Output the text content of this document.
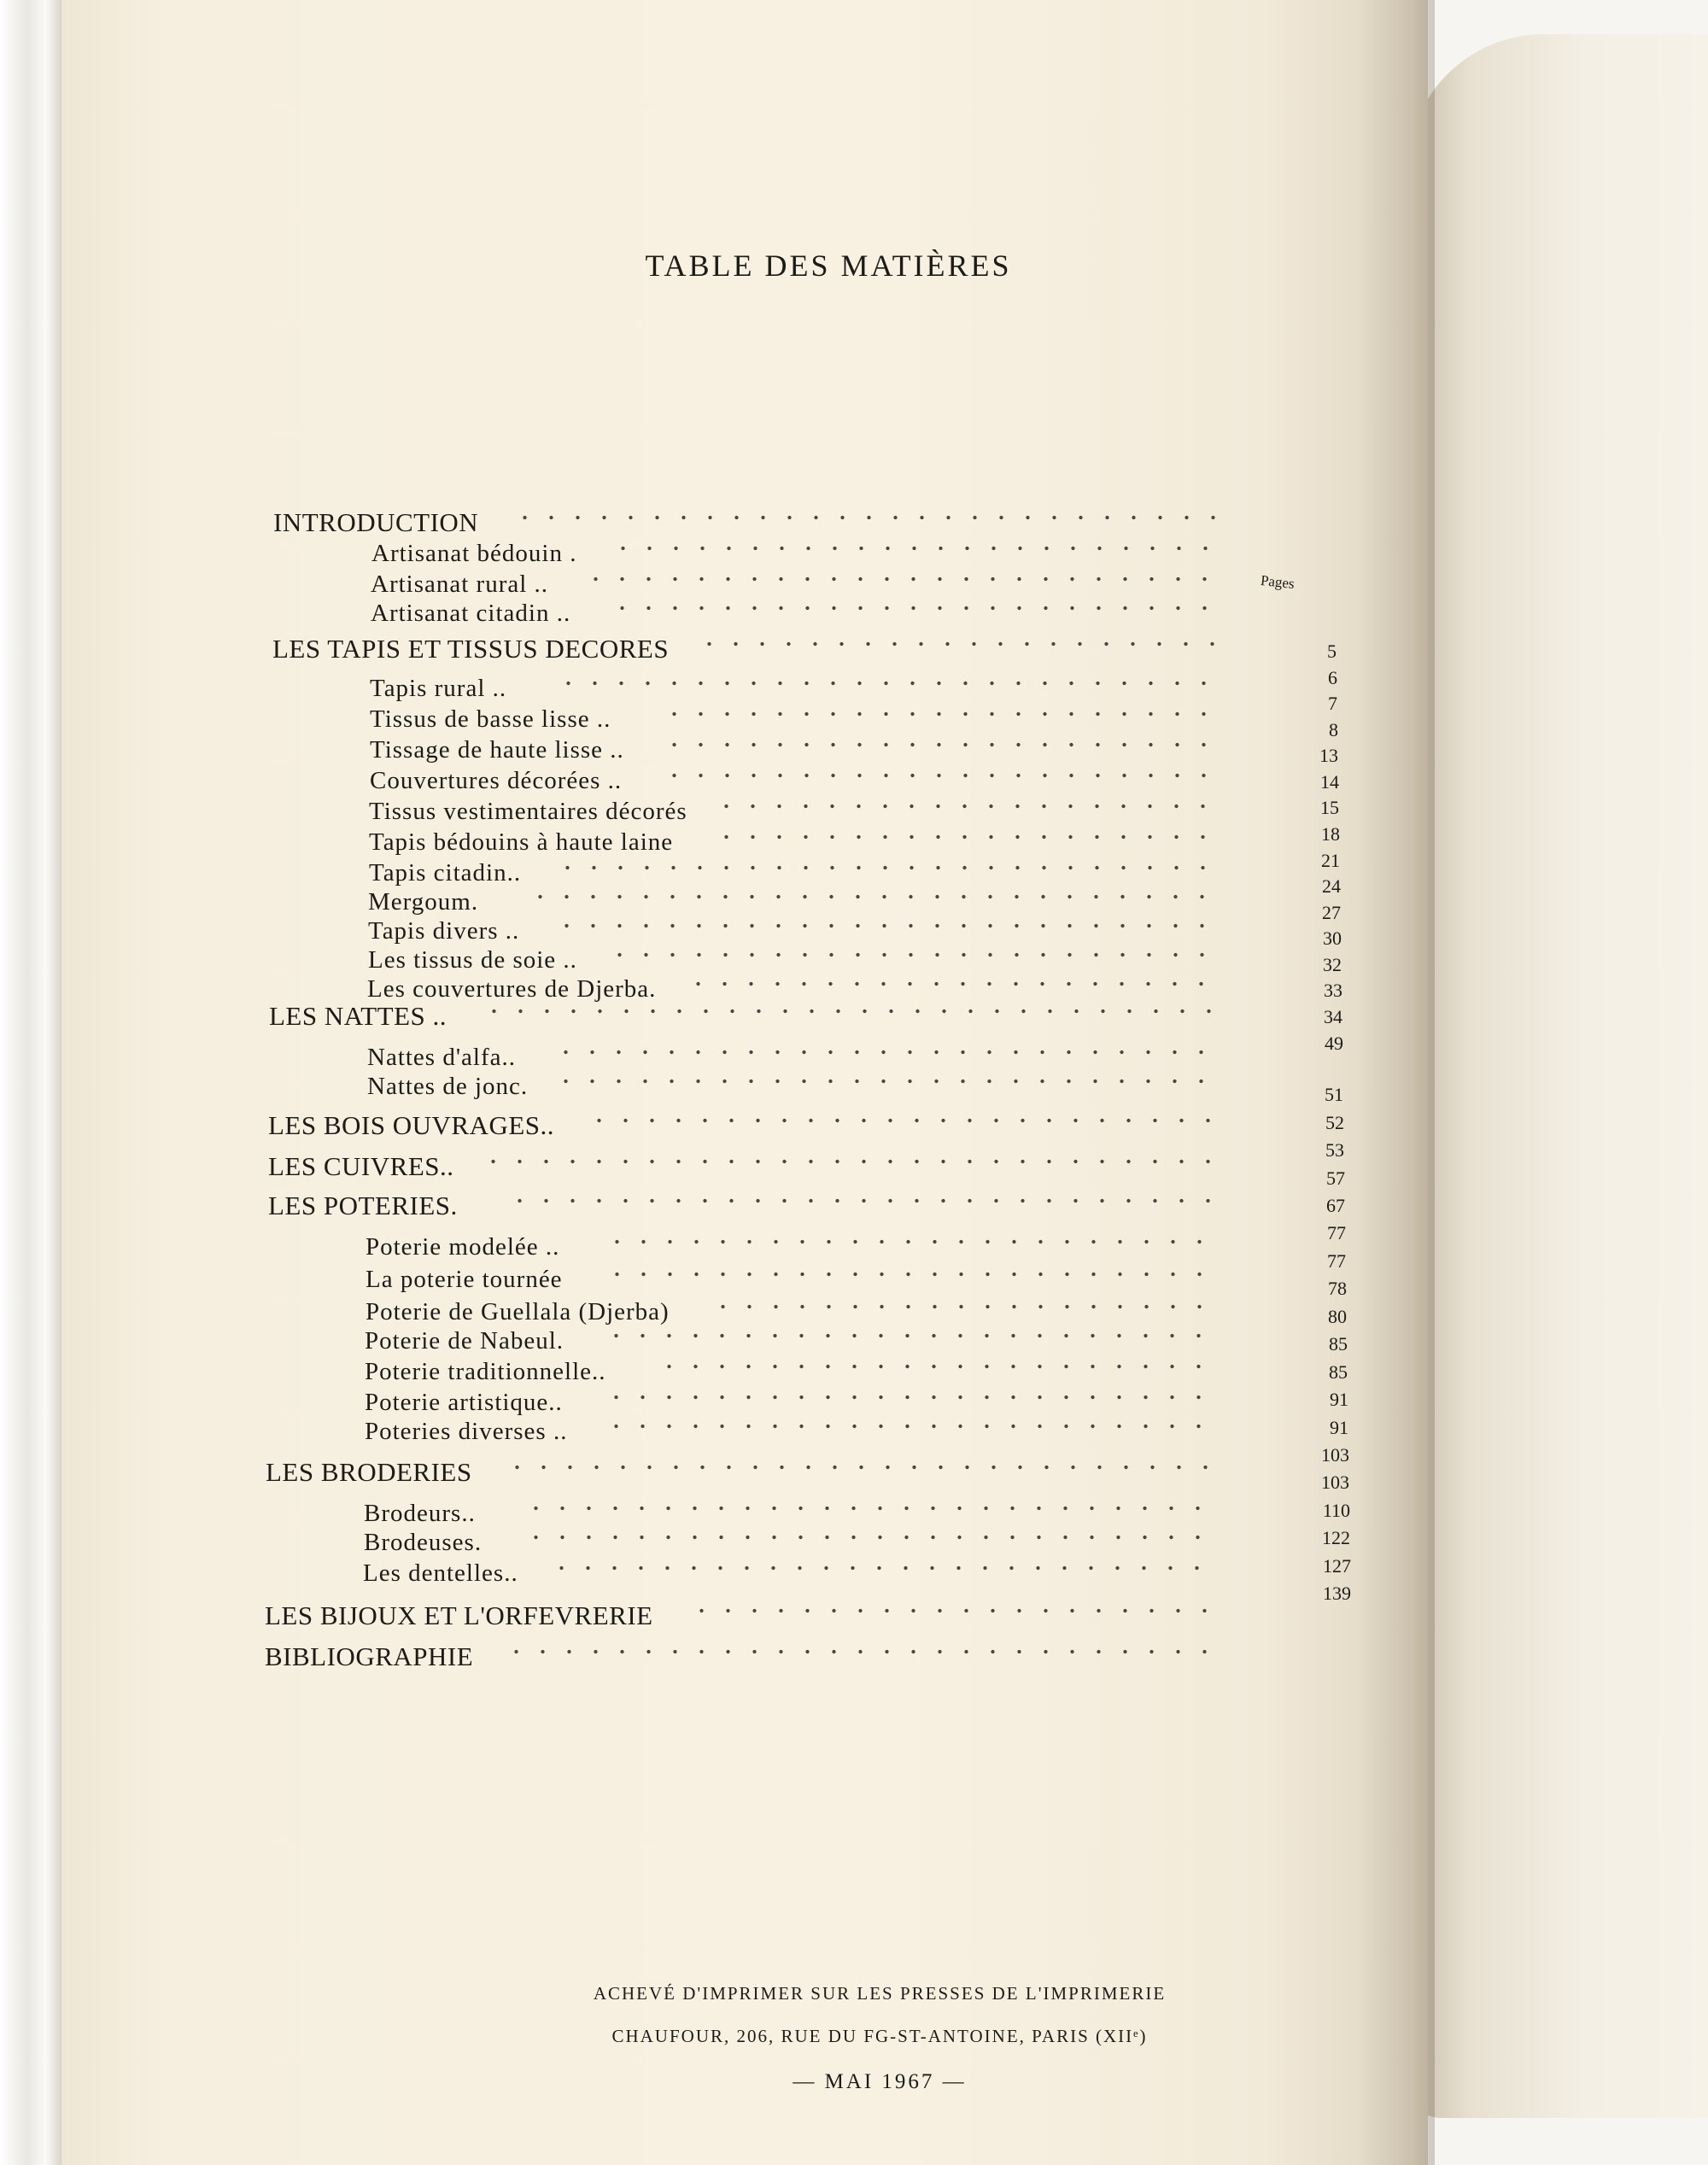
TABLE DES MATIÈRES
Pages
INTRODUCTION
Artisanat bédouin .
Artisanat rural ..
Artisanat citadin ..
LES TAPIS ET TISSUS DECORES
Tapis rural ..
Tissus de basse lisse ..
Tissage de haute lisse ..
Couvertures décorées ..
Tissus vestimentaires décorés
Tapis bédouins à haute laine
Tapis citadin..
Mergoum.
Tapis divers ..
Les tissus de soie ..
Les couvertures de Djerba.
LES NATTES ..
Nattes d'alfa..
Nattes de jonc.
LES BOIS OUVRAGES..
LES CUIVRES..
LES POTERIES.
Poterie modelée ..
La poterie tournée
Poterie de Guellala (Djerba)
Poterie de Nabeul.
Poterie traditionnelle..
Poterie artistique..
Poteries diverses ..
LES BRODERIES
Brodeurs..
Brodeuses.
Les dentelles..
LES BIJOUX ET L'ORFEVRERIE
BIBLIOGRAPHIE
5
6
7
8
13
14
15
18
21
24
27
30
32
33
34
49
51
52
53
57
67
77
77
78
80
85
85
91
91
103
103
110
122
127
139
ACHEVÉ D'IMPRIMER SUR LES PRESSES DE L'IMPRIMERIE
CHAUFOUR, 206, RUE DU FG-ST-ANTOINE, PARIS (XIIᵉ)
— MAI 1967 —
